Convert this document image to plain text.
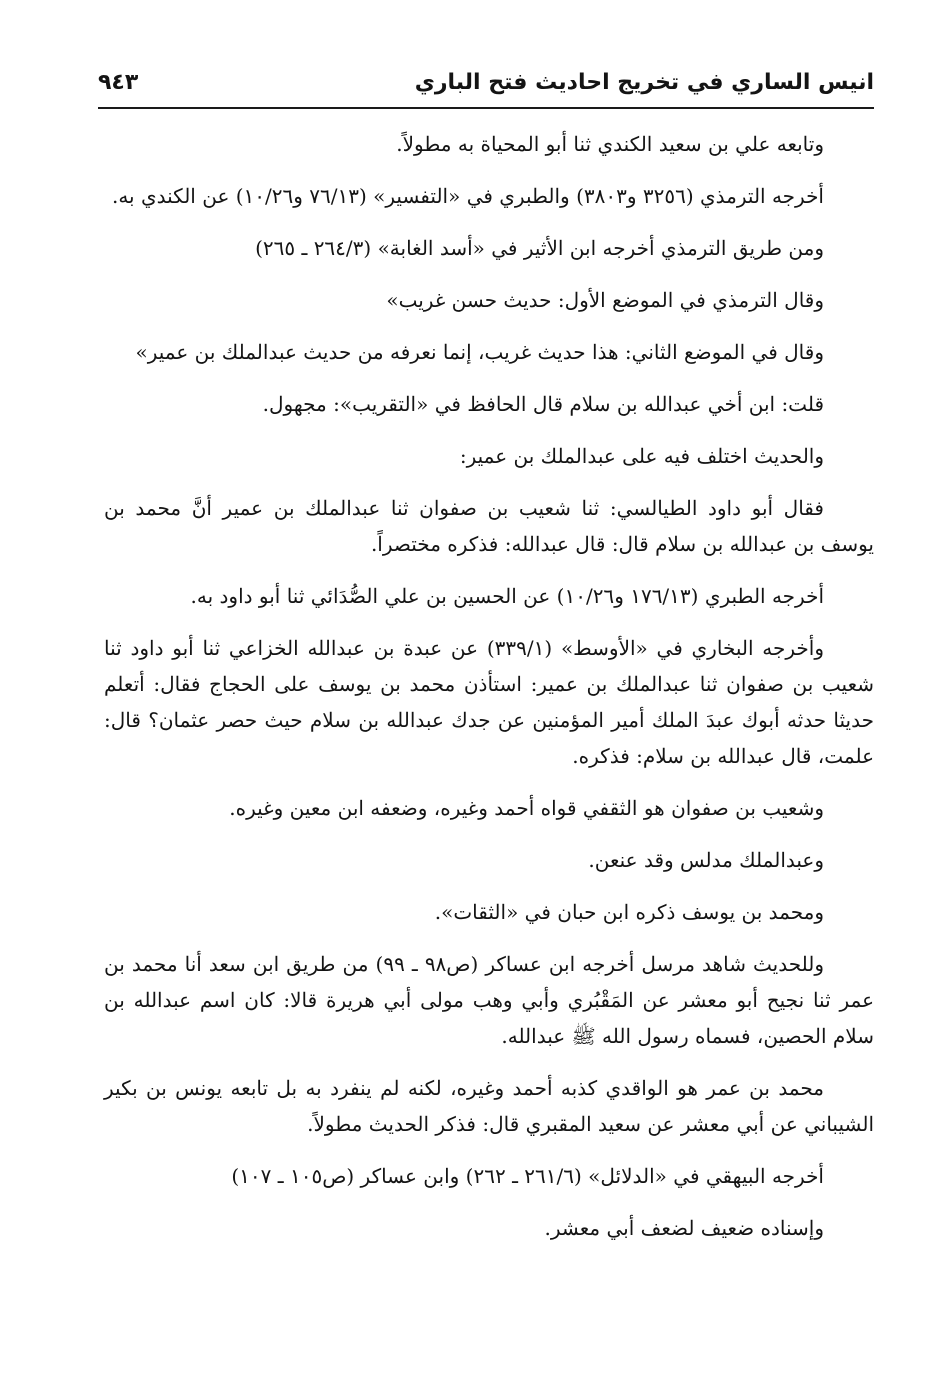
انيس الساري في تخريج احاديث فتح الباري
٩٤٣

وتابعه علي بن سعيد الكندي ثنا أبو المحياة به مطولاً.

أخرجه الترمذي (٣٢٥٦ و٣٨٠٣) والطبري في «التفسير» (٧٦/١٣ و١٠/٢٦) عن الكندي به.

ومن طريق الترمذي أخرجه ابن الأثير في «أسد الغابة» (٢٦٤/٣ ـ ٢٦٥)

وقال الترمذي في الموضع الأول: حديث حسن غريب»

وقال في الموضع الثاني: هذا حديث غريب، إنما نعرفه من حديث عبدالملك بن عمير»

قلت: ابن أخي عبدالله بن سلام قال الحافظ في «التقريب»: مجهول.

والحديث اختلف فيه على عبدالملك بن عمير:

فقال أبو داود الطيالسي: ثنا شعيب بن صفوان ثنا عبدالملك بن عمير أنَّ محمد بن يوسف بن عبدالله بن سلام قال: قال عبدالله: فذكره مختصراً.

أخرجه الطبري (١٧٦/١٣ و١٠/٢٦) عن الحسين بن علي الصُّدَائي ثنا أبو داود به.

وأخرجه البخاري في «الأوسط» (٣٣٩/١) عن عبدة بن عبدالله الخزاعي ثنا أبو داود ثنا شعيب بن صفوان ثنا عبدالملك بن عمير: استأذن محمد بن يوسف على الحجاج فقال: أتعلم حديثا حدثه أبوك عبدَ الملك أمير المؤمنين عن جدك عبدالله بن سلام حيث حصر عثمان؟ قال: علمت، قال عبدالله بن سلام: فذكره.

وشعيب بن صفوان هو الثقفي قواه أحمد وغيره، وضعفه ابن معين وغيره.

وعبدالملك مدلس وقد عنعن.

ومحمد بن يوسف ذكره ابن حبان في «الثقات».

وللحديث شاهد مرسل أخرجه ابن عساكر (ص٩٨ ـ ٩٩) من طريق ابن سعد أنا محمد بن عمر ثنا نجيح أبو معشر عن المَقْبُري وأبي وهب مولى أبي هريرة قالا: كان اسم عبدالله بن سلام الحصين، فسماه رسول الله ﷺ عبدالله.

محمد بن عمر هو الواقدي كذبه أحمد وغيره، لكنه لم ينفرد به بل تابعه يونس بن بكير الشيباني عن أبي معشر عن سعيد المقبري قال: فذكر الحديث مطولاً.

أخرجه البيهقي في «الدلائل» (٢٦١/٦ ـ ٢٦٢) وابن عساكر (ص١٠٥ ـ ١٠٧)

وإسناده ضعيف لضعف أبي معشر.
